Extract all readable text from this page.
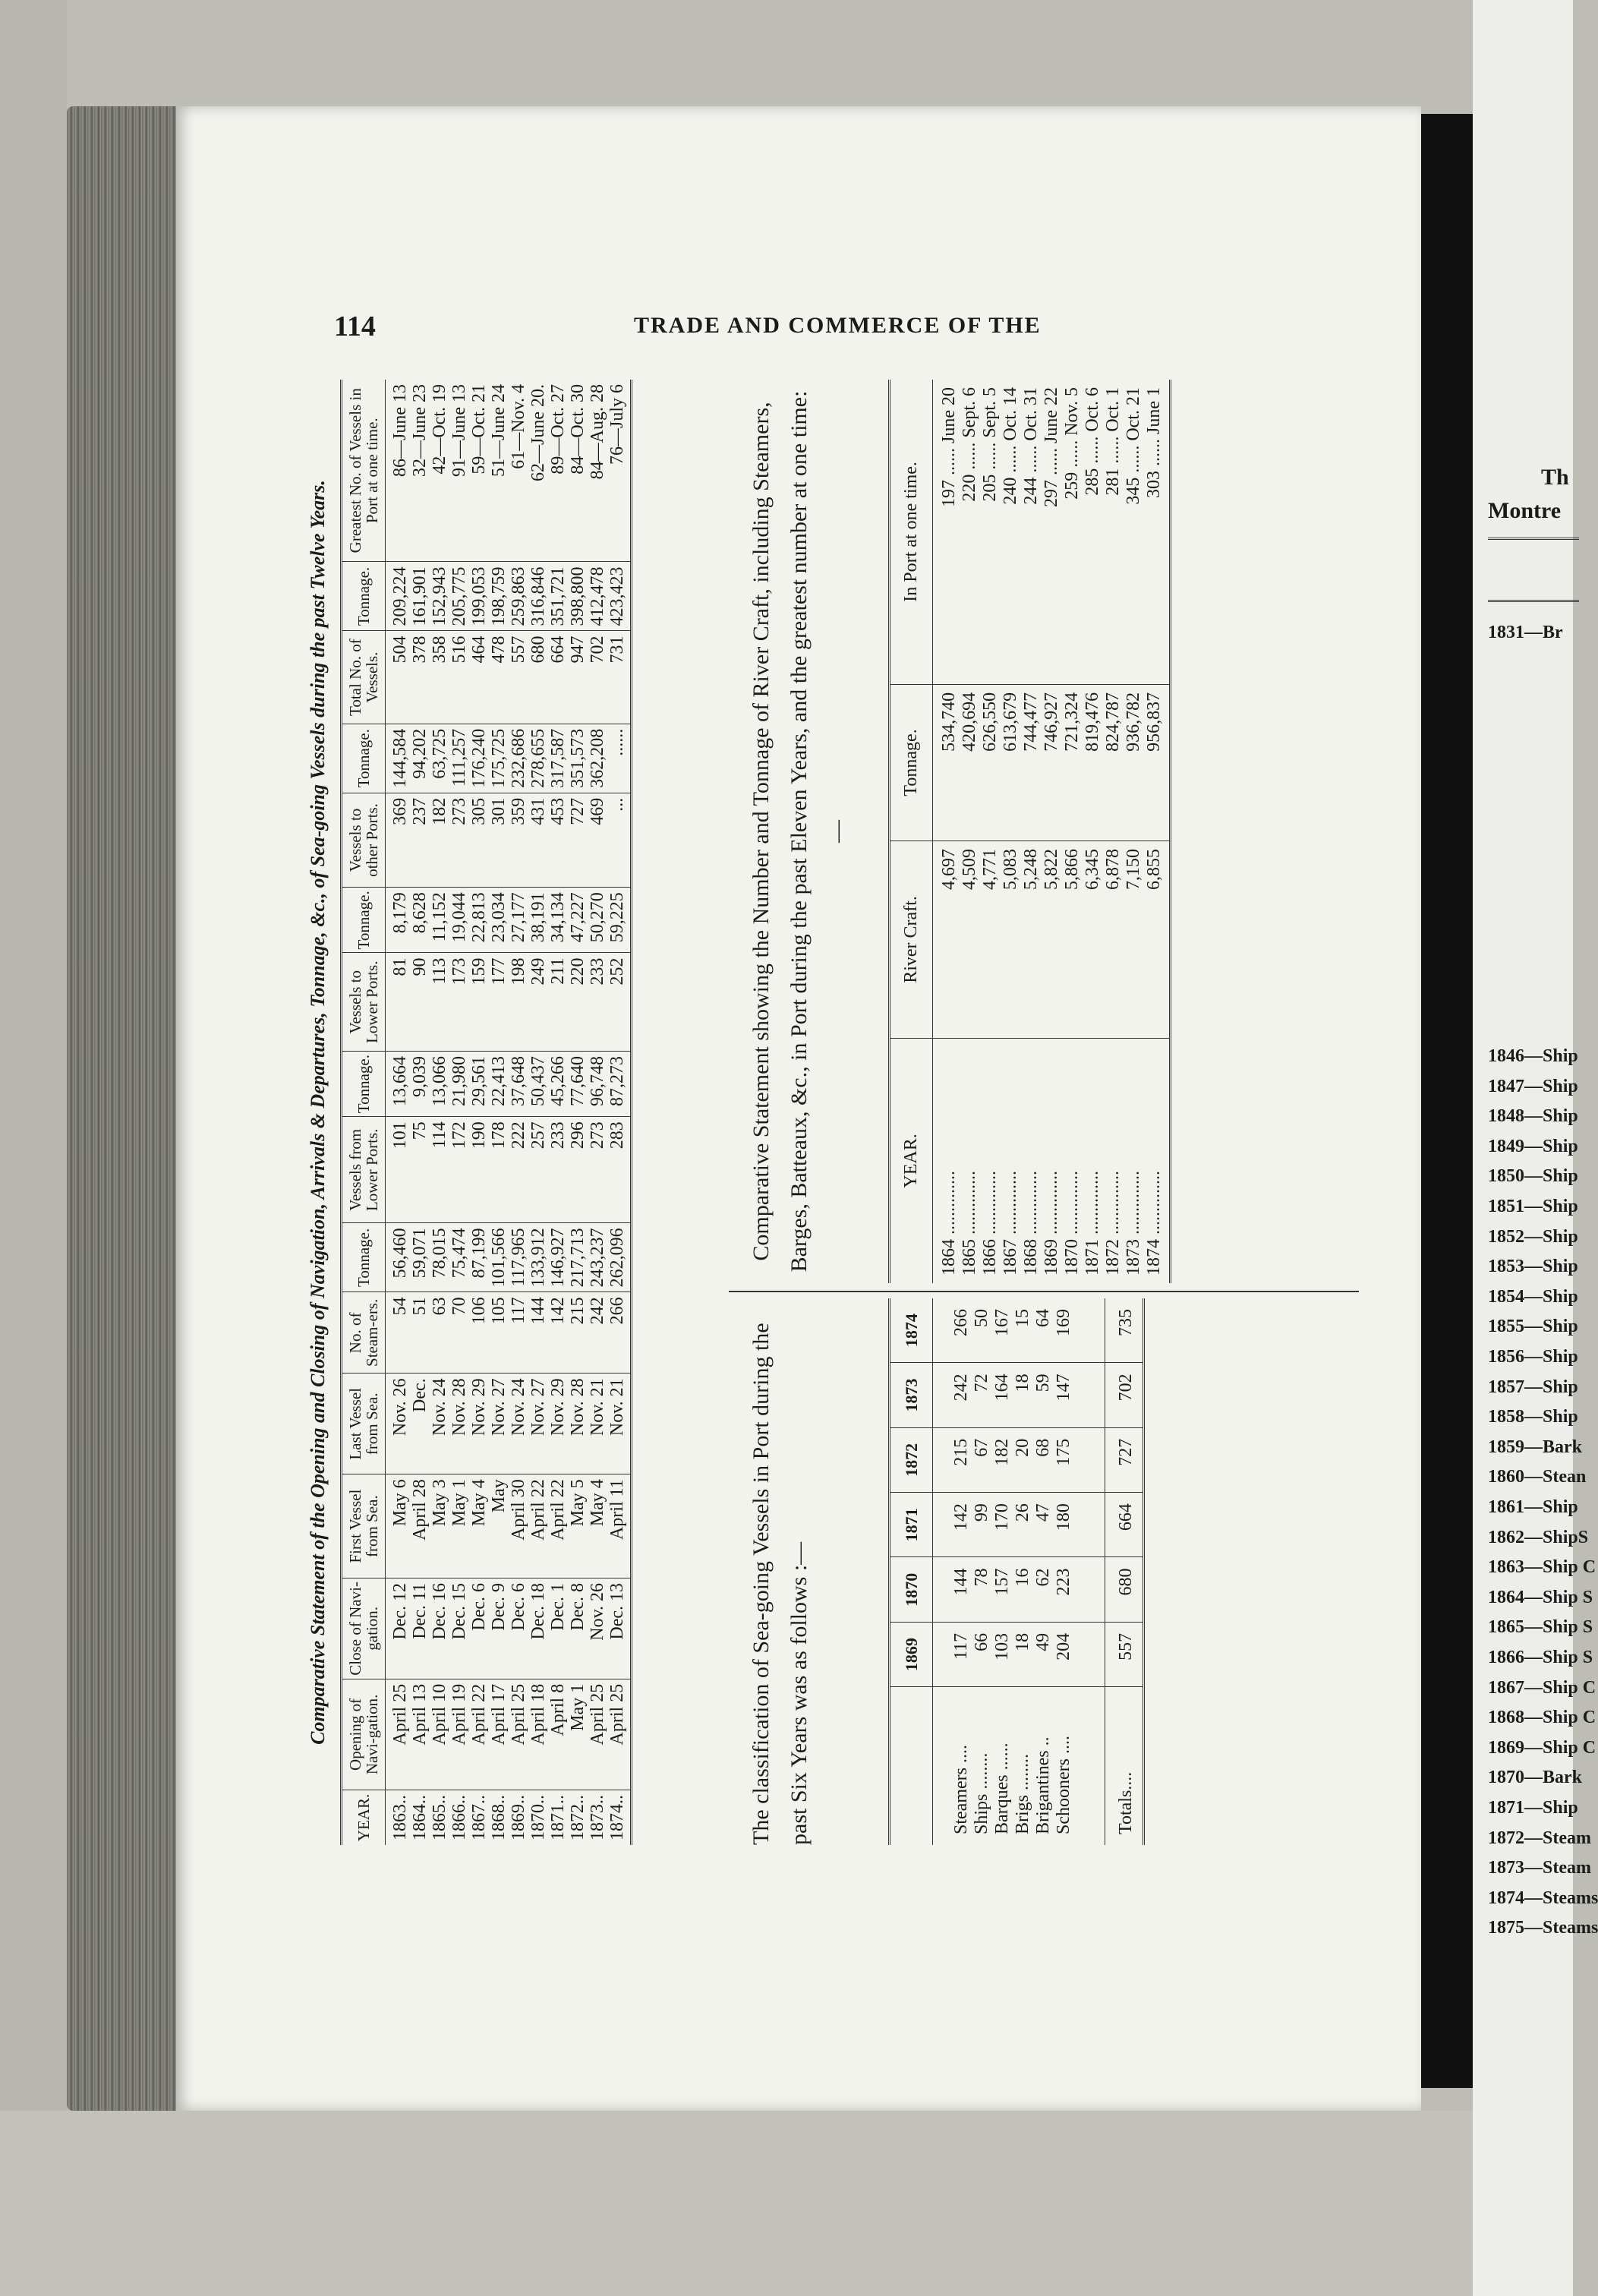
114	TRADE AND COMMERCE OF THE
Comparative Statement of the Opening and Closing of Navigation, Arrivals & Departures, Tonnage, &c., of Sea-going Vessels during the past Twelve Years.
YEAR.	Opening of Navi-gation.	Close of Navi-gation.	First Vessel from Sea.	Last Vessel from Sea.	No. of Steam-ers.	Tonnage.	Vessels from Lower Ports.	Tonnage.	Vessels to Lower Ports.	Tonnage.	Vessels to other Ports.	Tonnage.	Total No. of Vessels.	Tonnage.	Greatest No. of Vessels in Port at one time.
1863..	April 25	Dec. 12	May 6	Nov. 26	54	56,460	101	13,664	81	8,179	369	144,584	504	209,224	86—June 13
1864..	April 13	Dec. 11	April 28	Dec.	51	59,071	75	9,039	90	8,628	237	94,202	378	161,901	32—June 23
1865..	April 10	Dec. 16	May 3	Nov. 24	63	78,015	114	13,066	113	11,152	182	63,725	358	152,943	42—Oct. 19
1866..	April 19	Dec. 15	May 1	Nov. 28	70	75,474	172	21,980	173	19,044	273	111,257	516	205,775	91—June 13
1867..	April 22	Dec. 6	May 4	Nov. 29	106	87,199	190	29,561	159	22,813	305	176,240	464	199,053	59—Oct. 21
1868..	April 17	Dec. 9	May	Nov. 27	105	101,566	178	22,413	177	23,034	301	175,725	478	198,759	51—June 24
1869..	April 25	Dec. 6	April 30	Nov. 24	117	117,965	222	37,648	198	27,177	359	232,686	557	259,863	61—Nov. 4
1870..	April 18	Dec. 18	April 22	Nov. 27	144	133,912	257	50,437	249	38,191	431	278,655	680	316,846	62—June 20.
1871..	April 8	Dec. 1	April 22	Nov. 29	142	146,927	233	45,266	211	34,134	453	317,587	664	351,721	89—Oct. 27
1872..	May 1	Dec. 8	May 5	Nov. 28	215	217,713	296	77,640	220	47,227	727	351,573	947	398,800	84—Oct. 30
1873..	April 25	Nov. 26	May 4	Nov. 21	242	243,237	273	96,748	233	50,270	469	362,208	702	412,478	84—Aug. 28
1874..	April 25	Dec. 13	April 11	Nov. 21	266	262,096	283	87,273	252	59,225	...	......	731	423,423	76—July 6
The classification of Sea-going Vessels in Port during the past Six Years was as follows :—
		1869	1870	1871	1872	1873	1874
Steamers ....	117	144	142	215	242	266
Ships ........	66	78	99	67	72	50
Barques ......	103	157	170	182	164	167
Brigs ........	18	16	26	20	18	15
Brigantines ..	49	62	47	68	59	64
Schooners ....	204	223	180	175	147	169
Totals....	557	680	664	727	702	735
Comparative Statement showing the Number and Tonnage of River Craft, including Steamers, Barges, Batteaux, &c., in Port during the past Eleven Years, and the greatest number at one time:—
YEAR.	River Craft.	Tonnage.	In Port at one time.
1864 ..............	4,697	534,740	197 ...... June 20
1865 ..............	4,509	420,694	220 ...... Sept. 6
1866 ..............	4,771	626,550	205 ...... Sept. 5
1867 ..............	5,083	613,679	240 ...... Oct. 14
1868 ..............	5,248	744,477	244 ...... Oct. 31
1869 ..............	5,822	746,927	297 ...... June 22
1870 ..............	5,866	721,324	259 ...... Nov. 5
1871 ..............	6,345	819,476	285 ...... Oct. 6
1872 ..............	6,878	824,787	281 ...... Oct. 1
1873 ..............	7,150	936,782	345 ...... Oct. 21
1874 ..............	6,855	956,837	303 ...... June 1	Th
Montre
1831—Br
1846—Ship
1847—Ship
1848—Ship
1849—Ship
1850—Ship
1851—Ship
1852—Ship
1853—Ship
1854—Ship
1855—Ship
1856—Ship
1857—Ship
1858—Ship
1859—Bark
1860—Stean
1861—Ship
1862—ShipS
1863—Ship C
1864—Ship S
1865—Ship S
1866—Ship S
1867—Ship C
1868—Ship C
1869—Ship C
1870—Bark
1871—Ship
1872—Steam
1873—Steam
1874—Steams
1875—Steams
